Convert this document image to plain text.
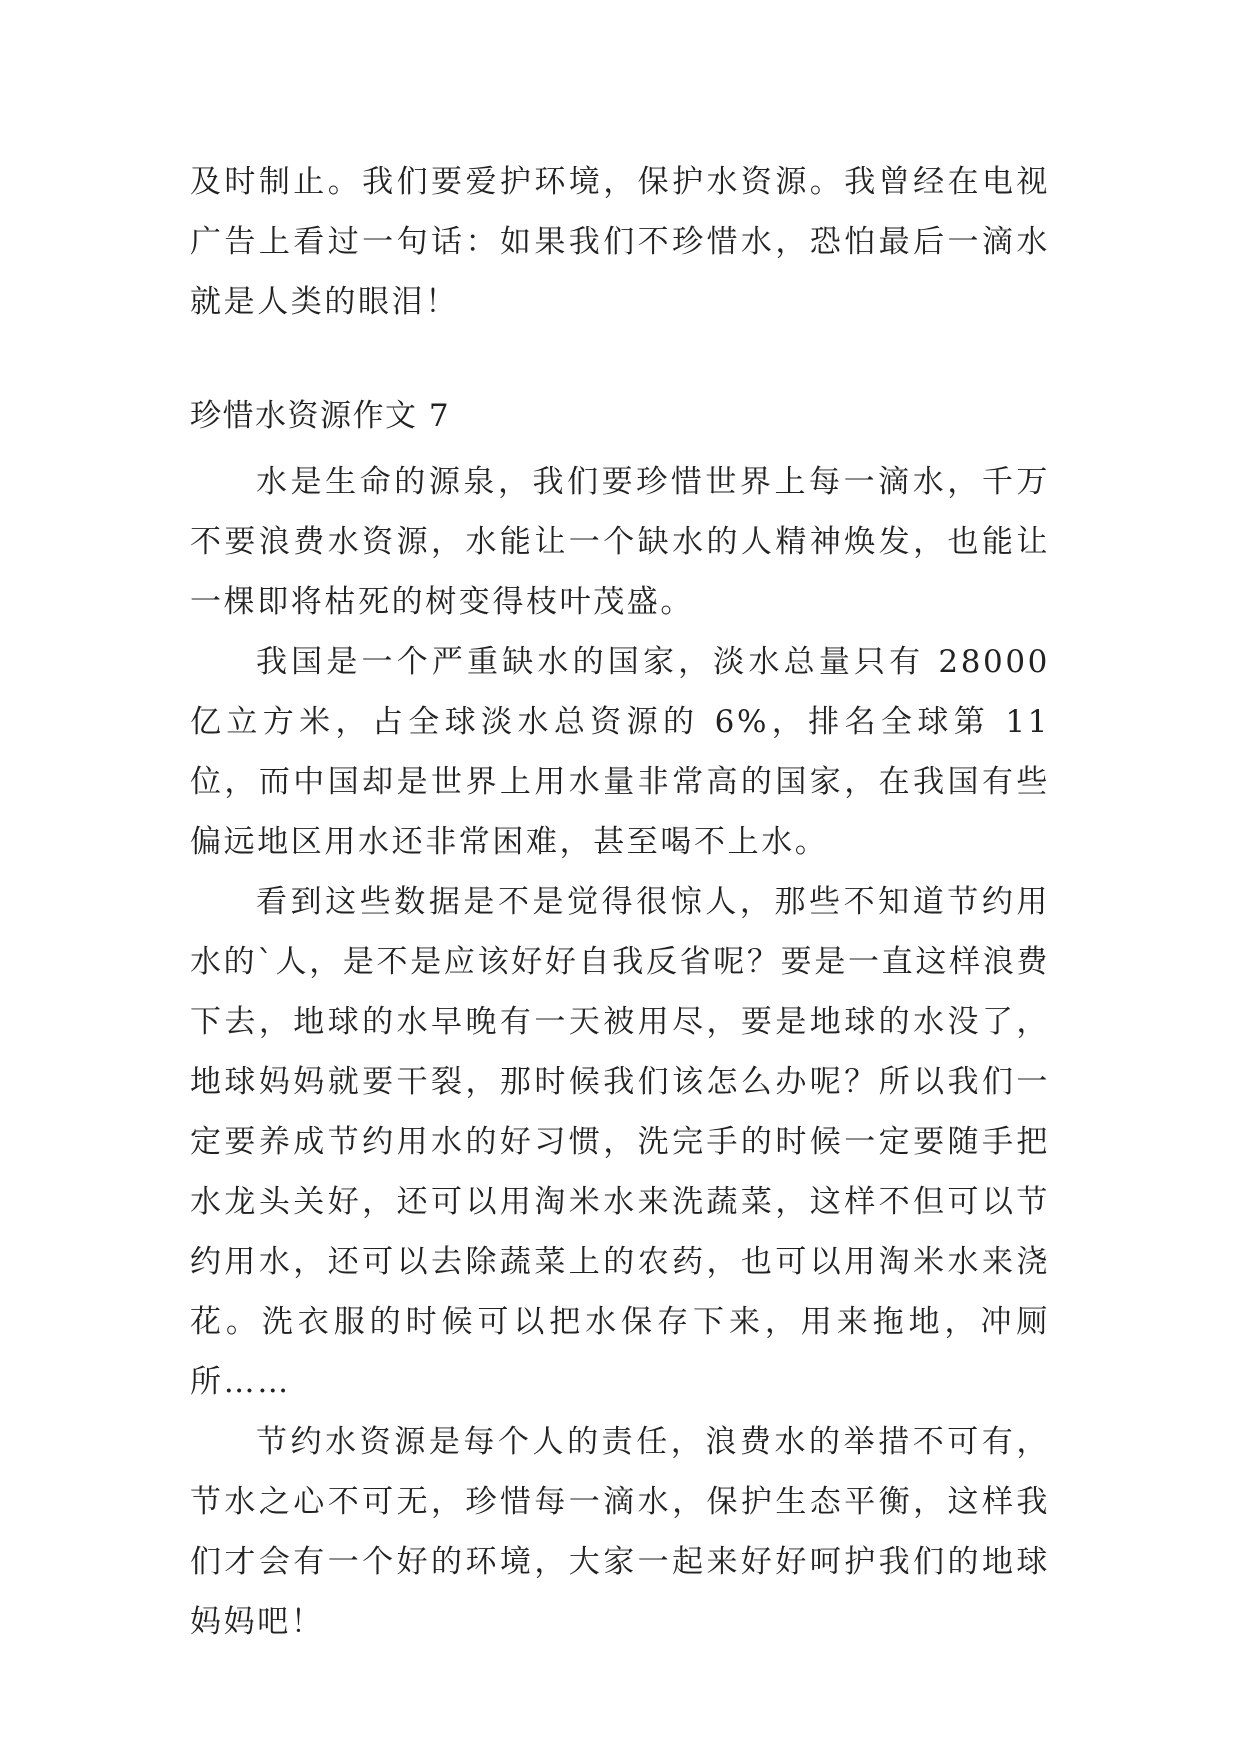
及时制止。我们要爱护环境，保护水资源。我曾经在电视广告上看过一句话：如果我们不珍惜水，恐怕最后一滴水就是人类的眼泪！

珍惜水资源作文 7

水是生命的源泉，我们要珍惜世界上每一滴水，千万不要浪费水资源，水能让一个缺水的人精神焕发，也能让一棵即将枯死的树变得枝叶茂盛。

我国是一个严重缺水的国家，淡水总量只有 28000 亿立方米，占全球淡水总资源的 6%，排名全球第 11 位，而中国却是世界上用水量非常高的国家，在我国有些偏远地区用水还非常困难，甚至喝不上水。

看到这些数据是不是觉得很惊人，那些不知道节约用水的`人，是不是应该好好自我反省呢？要是一直这样浪费下去，地球的水早晚有一天被用尽，要是地球的水没了，地球妈妈就要干裂，那时候我们该怎么办呢？所以我们一定要养成节约用水的好习惯，洗完手的时候一定要随手把水龙头关好，还可以用淘米水来洗蔬菜，这样不但可以节约用水，还可以去除蔬菜上的农药，也可以用淘米水来浇花。洗衣服的时候可以把水保存下来，用来拖地，冲厕所……

节约水资源是每个人的责任，浪费水的举措不可有，节水之心不可无，珍惜每一滴水，保护生态平衡，这样我们才会有一个好的环境，大家一起来好好呵护我们的地球妈妈吧！
